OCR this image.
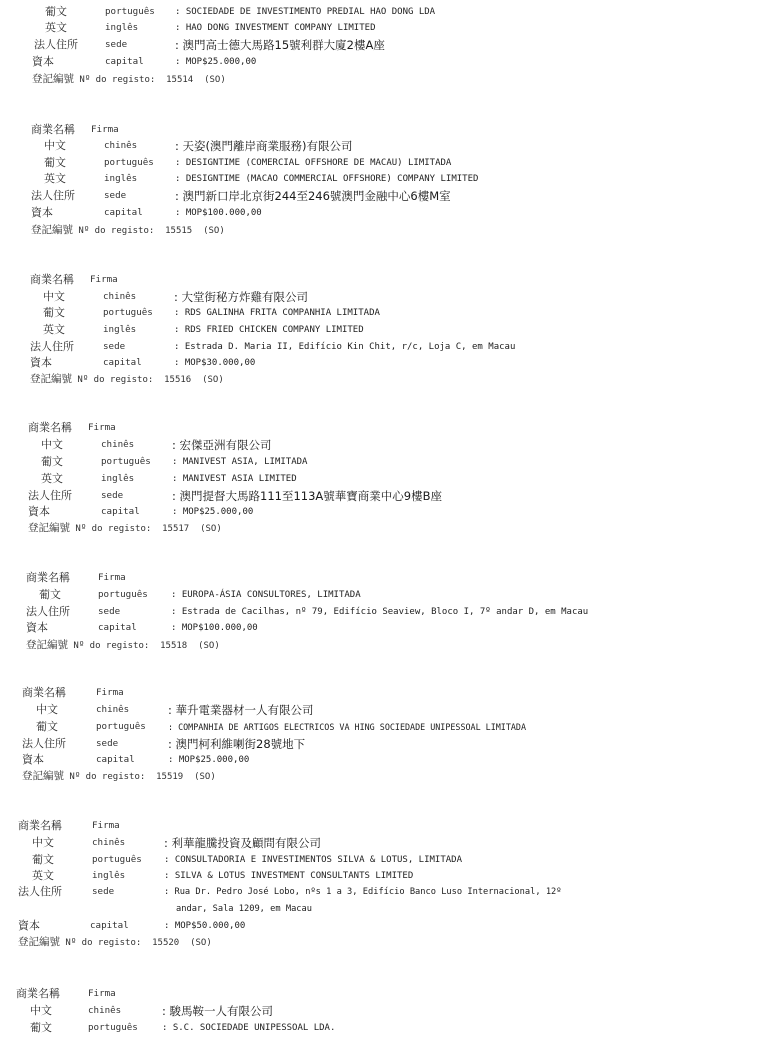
葡文	português : SOCIEDADE DE INVESTIMENTO PREDIAL HAO DONG LDA
英文	inglês	: HAO DONG INVESTMENT COMPANY LIMITED
法人住所	sede	: 澳門高士德大馬路15號利群大廈2樓A座
資本	capital	: MOP$25.000,00
登記編號 Nº do registo: 15514 (SO)
商業名稱 Firma
中文	chinês	: 天姿(澳門離岸商業服務)有限公司
葡文	português : DESIGNTIME (COMERCIAL OFFSHORE DE MACAU) LIMITADA
英文	inglês	: DESIGNTIME (MACAO COMMERCIAL OFFSHORE) COMPANY LIMITED
法人住所	sede	: 澳門新口岸北京街244至246號澳門金融中心6樓M室
資本	capital	: MOP$100.000,00
登記編號 Nº do registo: 15515 (SO)
商業名稱 Firma
中文	chinês	: 大堂街秘方炸雞有限公司
葡文	português : RDS GALINHA FRITA COMPANHIA LIMITADA
英文	inglês	: RDS FRIED CHICKEN COMPANY LIMITED
法人住所	sede	: Estrada D. Maria II, Edifício Kin Chit, r/c, Loja C, em Macau
資本	capital	: MOP$30.000,00
登記編號 Nº do registo: 15516 (SO)
商業名稱 Firma
中文	chinês	: 宏傑亞洲有限公司
葡文	português : MANIVEST ASIA, LIMITADA
英文	inglês	: MANIVEST ASIA LIMITED
法人住所	sede	: 澳門提督大馬路111至113A號華寶商業中心9樓B座
資本	capital	: MOP$25.000,00
登記編號 Nº do registo: 15517 (SO)
商業名稱	Firma
葡文	português	: EUROPA-ÁSIA CONSULTORES, LIMITADA
法人住所	sede	: Estrada de Cacilhas, nº 79, Edifício Seaview, Bloco I, 7º andar D, em Macau
資本	capital	: MOP$100.000,00
登記編號 Nº do registo: 15518 (SO)
商業名稱	Firma
中文	chinês	: 華升電業器材一人有限公司
葡文	português	: COMPANHIA DE ARTIGOS ELECTRICOS VA HING SOCIEDADE UNIPESSOAL LIMITADA
法人住所	sede	: 澳門柯利維喇街28號地下
資本	capital	: MOP$25.000,00
登記編號 Nº do registo: 15519 (SO)
商業名稱	Firma
中文	chinês	: 利華龍騰投資及顧問有限公司
葡文	português : CONSULTADORIA E INVESTIMENTOS SILVA & LOTUS, LIMITADA
英文	inglês	: SILVA & LOTUS INVESTMENT CONSULTANTS LIMITED
法人住所	sede	: Rua Dr. Pedro José Lobo, nºs 1 a 3, Edifício Banco Luso Internacional, 12º
andar, Sala 1209, em Macau
資本	capital	: MOP$50.000,00
登記編號 Nº do registo: 15520 (SO)
商業名稱	Firma
中文	chinês	: 駿馬鞍一人有限公司
葡文	português	: S.C. SOCIEDADE UNIPESSOAL LDA.
